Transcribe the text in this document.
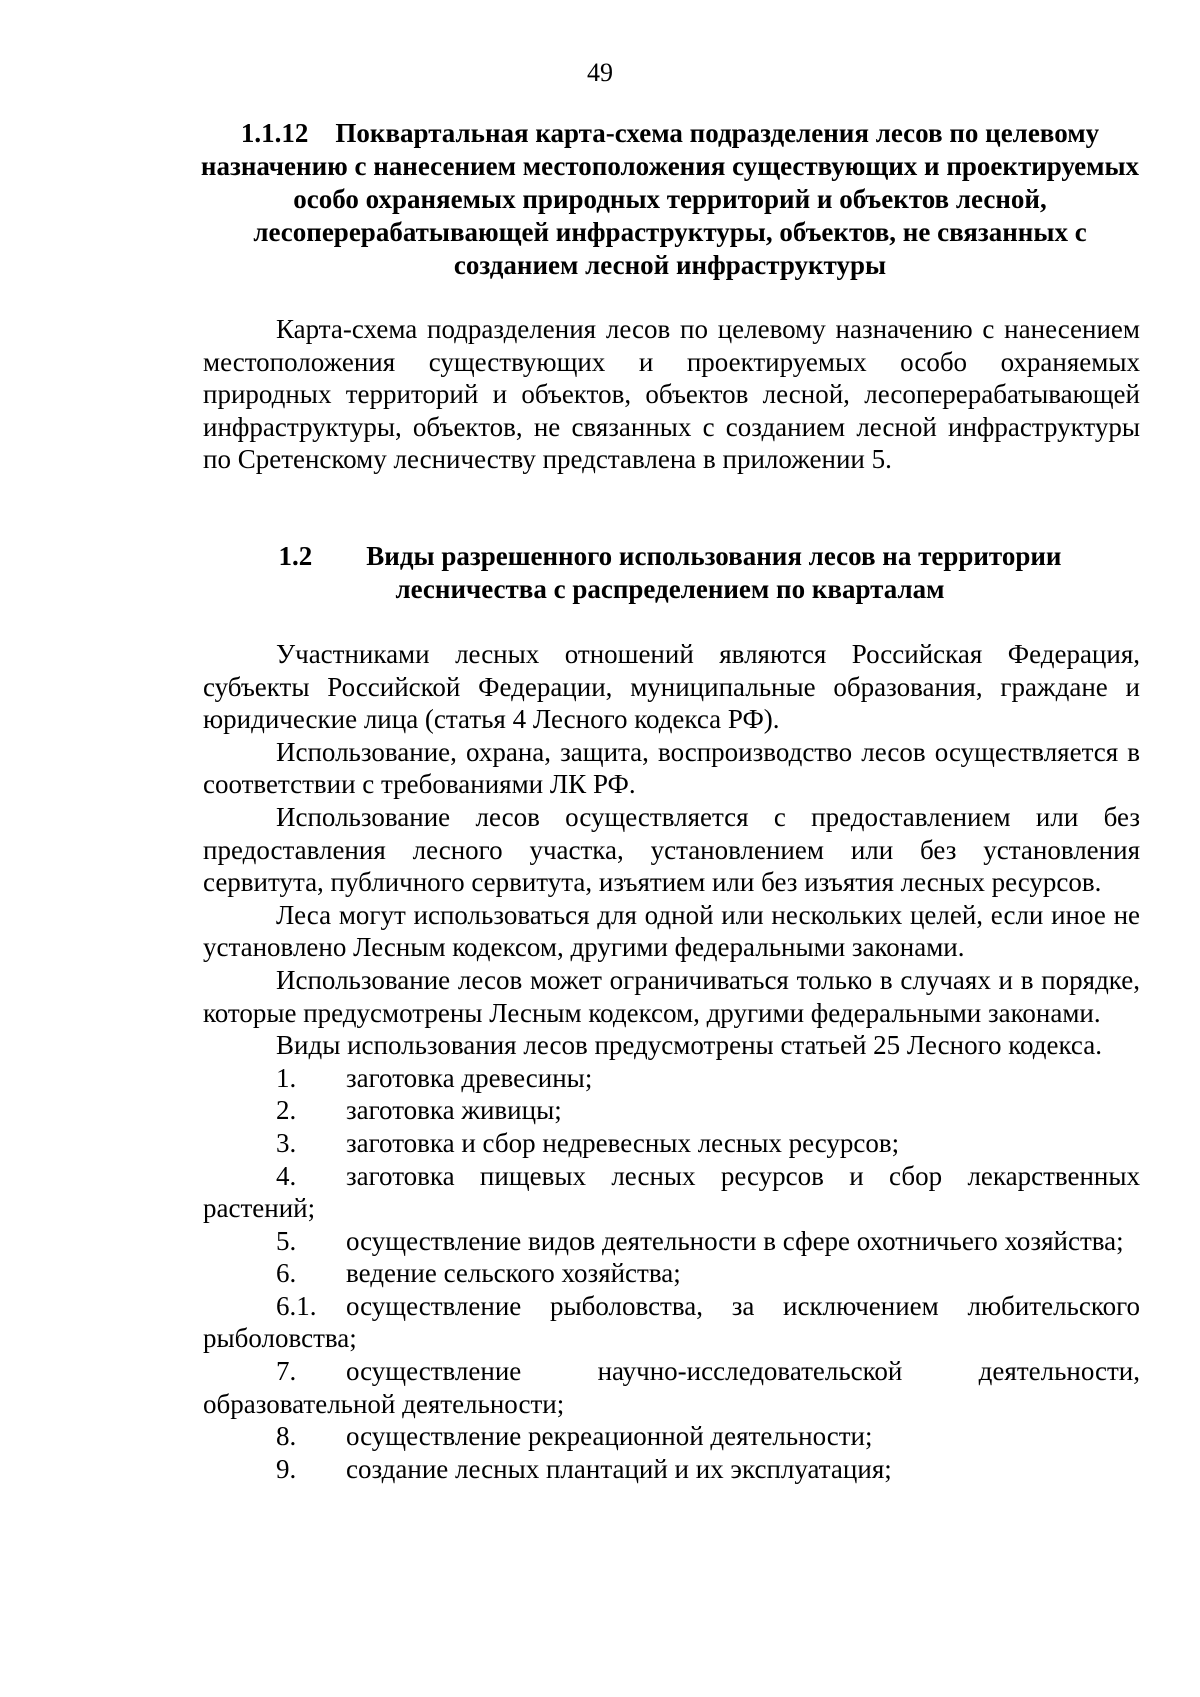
49
1.1.12 Поквартальная карта-схема подразделения лесов по целевому назначению с нанесением местоположения существующих и проектируемых особо охраняемых природных территорий и объектов лесной, лесоперерабатывающей инфраструктуры, объектов, не связанных с созданием лесной инфраструктуры

Карта-схема подразделения лесов по целевому назначению с нанесением местоположения существующих и проектируемых особо охраняемых природных территорий и объектов, объектов лесной, лесоперерабатывающей инфраструктуры, объектов, не связанных с созданием лесной инфраструктуры по Сретенскому лесничеству представлена в приложении 5.

1.2 Виды разрешенного использования лесов на территории лесничества с распределением по кварталам

Участниками лесных отношений являются Российская Федерация, субъекты Российской Федерации, муниципальные образования, граждане и юридические лица (статья 4 Лесного кодекса РФ).

Использование, охрана, защита, воспроизводство лесов осуществляется в соответствии с требованиями ЛК РФ.

Использование лесов осуществляется с предоставлением или без предоставления лесного участка, установлением или без установления сервитута, публичного сервитута, изъятием или без изъятия лесных ресурсов.

Леса могут использоваться для одной или нескольких целей, если иное не установлено Лесным кодексом, другими федеральными законами.

Использование лесов может ограничиваться только в случаях и в порядке, которые предусмотрены Лесным кодексом, другими федеральными законами.

Виды использования лесов предусмотрены статьей 25 Лесного кодекса.

1. заготовка древесины;

2. заготовка живицы;

3. заготовка и сбор недревесных лесных ресурсов;

4. заготовка пищевых лесных ресурсов и сбор лекарственных растений;

5. осуществление видов деятельности в сфере охотничьего хозяйства;

6. ведение сельского хозяйства;

6.1. осуществление рыболовства, за исключением любительского рыболовства;

7. осуществление научно-исследовательской деятельности, образовательной деятельности;

8. осуществление рекреационной деятельности;

9. создание лесных плантаций и их эксплуатация;
